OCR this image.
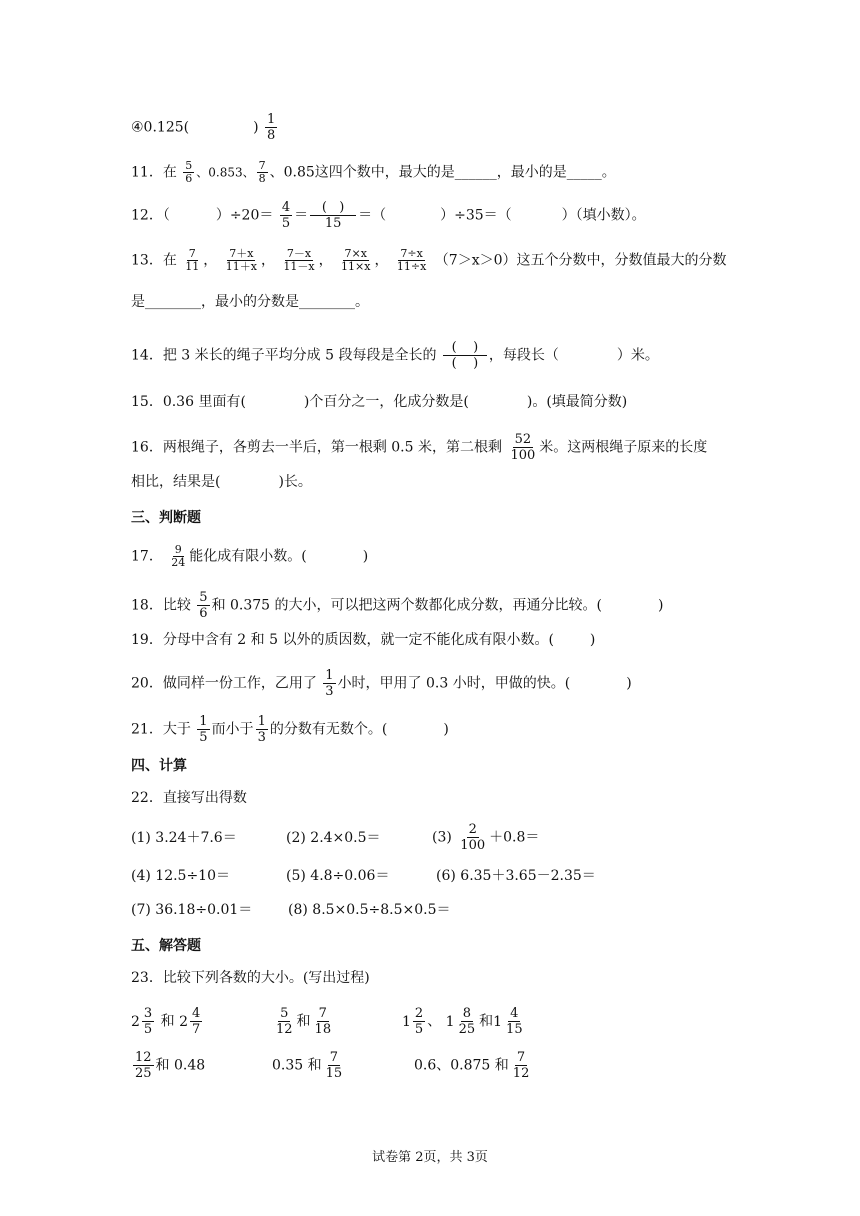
④0.125(	) $\frac{1}{8}$
11．在 $\frac{5}{6}$ 、0.853、 $\frac{7}{8}$ 、0.85这四个数中，最大的是______，最小的是_____。
12．（	）$\div 20= \frac{4}{5} = \frac{( )}{15}$ ＝（	）÷35＝（	）（填小数）。
13．在 $\frac{7}{11}$ ， $\frac{7+x}{11+x}$ ， $\frac{7-x}{11-x}$ ， $\frac{7\times x}{11\times x}$ ， $\frac{7\div x}{11\div x} (7>x>0)$这五个分数中，分数值最大的分数
是________，最小的分数是________。
14．把 3 米长的绳子平均分成 5 段每段是全长的 $\frac{( )}{( )}$ ，每段长（	）米。
15．0.36 里面有(	)个百分之一，化成分数是(	)。(填最简分数)
16．两根绳子，各剪去一半后，第一根剩 0.5 米，第二根剩 $\frac{52}{100}$ 米。这两根绳子原来的长度
相比，结果是(	)长。
三、判断题
17． $\frac{9}{24}$ 能化成有限小数。(	)
18．比较 $\frac{5}{6}$ 和 0.375 的大小，可以把这两个数都化成分数，再通分比较。(	)
19．分母中含有 2 和 5 以外的质因数，就一定不能化成有限小数。(	)
20．做同样一份工作，乙用了 $\frac{1}{3}$ 小时，甲用了 0.3 小时，甲做的快。(	)
21．大于 $\frac{1}{5}$ 而小于 $\frac{1}{3}$ 的分数有无数个。(	)
四、计算
22．直接写出得数
(1) 3.24＋7.6＝	(2) 2.4×0.5＝	$(3) \frac{2}{100} +0.8=$
(4) 12.5÷10＝	(5) 4.8÷0.06＝	(6) 6.35＋3.65－2.35＝
(7) 36.18÷0.01＝	(8) 8.5×0.5÷8.5×0.5＝
五、解答题
23．比较下列各数的大小。(写出过程)
$2 \frac{3}{5}$ 和 $2 \frac{4}{7}$	$\frac{5}{12}$ 和 $\frac{7}{18}$	$1 \frac{2}{5}$ 、 $1 \frac{8}{25}$ 和 $1 \frac{4}{15}$
$\frac{12}{25}$ 和 0.48	0.35 和 $\frac{7}{15}$	0.6、0.875 和 $\frac{7}{12}$
试卷第 2页，共 3页
